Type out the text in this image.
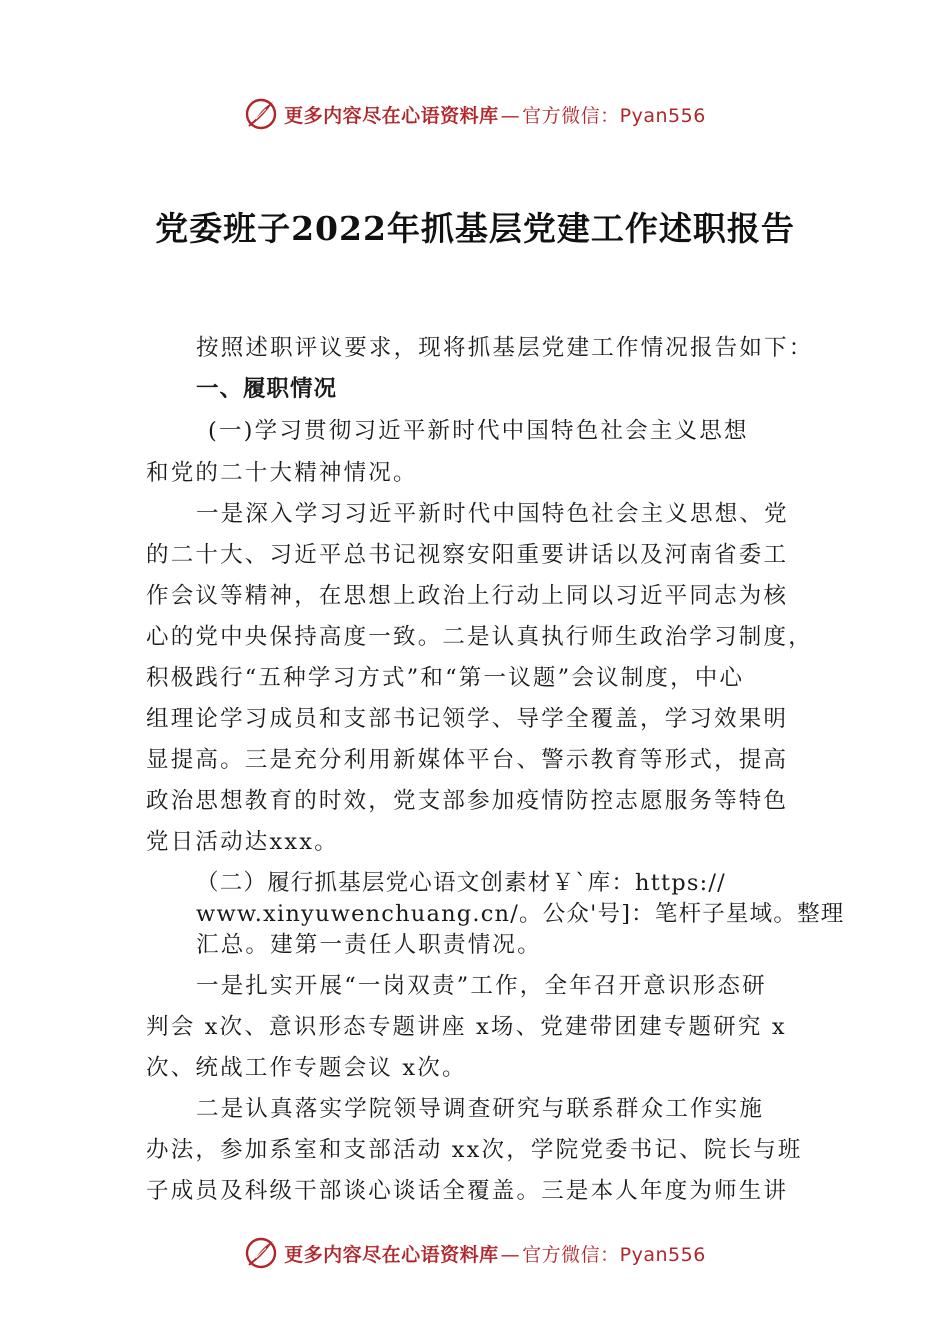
更多内容尽在心语资料库 — 官方微信：Pyan556
党委班子2022年抓基层党建工作述职报告
按照述职评议要求，现将抓基层党建工作情况报告如下：
一、履职情况
(一)学习贯彻习近平新时代中国特色社会主义思想
和党的二十大精神情况。
一是深入学习习近平新时代中国特色社会主义思想、党
的二十大、习近平总书记视察安阳重要讲话以及河南省委工
作会议等精神，在思想上政治上行动上同以习近平同志为核
心的党中央保持高度一致。二是认真执行师生政治学习制度，
积极践行“五种学习方式”和“第一议题”会议制度，中心
组理论学习成员和支部书记领学、导学全覆盖，学习效果明
显提高。三是充分利用新媒体平台、警示教育等形式，提高
政治思想教育的时效，党支部参加疫情防控志愿服务等特色
党日活动达xxx。
（二）履行抓基层党心语文创素材￥`库：https://
www.xinyuwenchuang.cn/。公众'号]：笔杆子星域。整理
汇总。建第一责任人职责情况。
一是扎实开展“一岗双责”工作，全年召开意识形态研
判会 x次、意识形态专题讲座 x场、党建带团建专题研究 x
次、统战工作专题会议 x次。
二是认真落实学院领导调查研究与联系群众工作实施
办法，参加系室和支部活动 xx次，学院党委书记、院长与班
子成员及科级干部谈心谈话全覆盖。三是本人年度为师生讲
更多内容尽在心语资料库 — 官方微信：Pyan556
